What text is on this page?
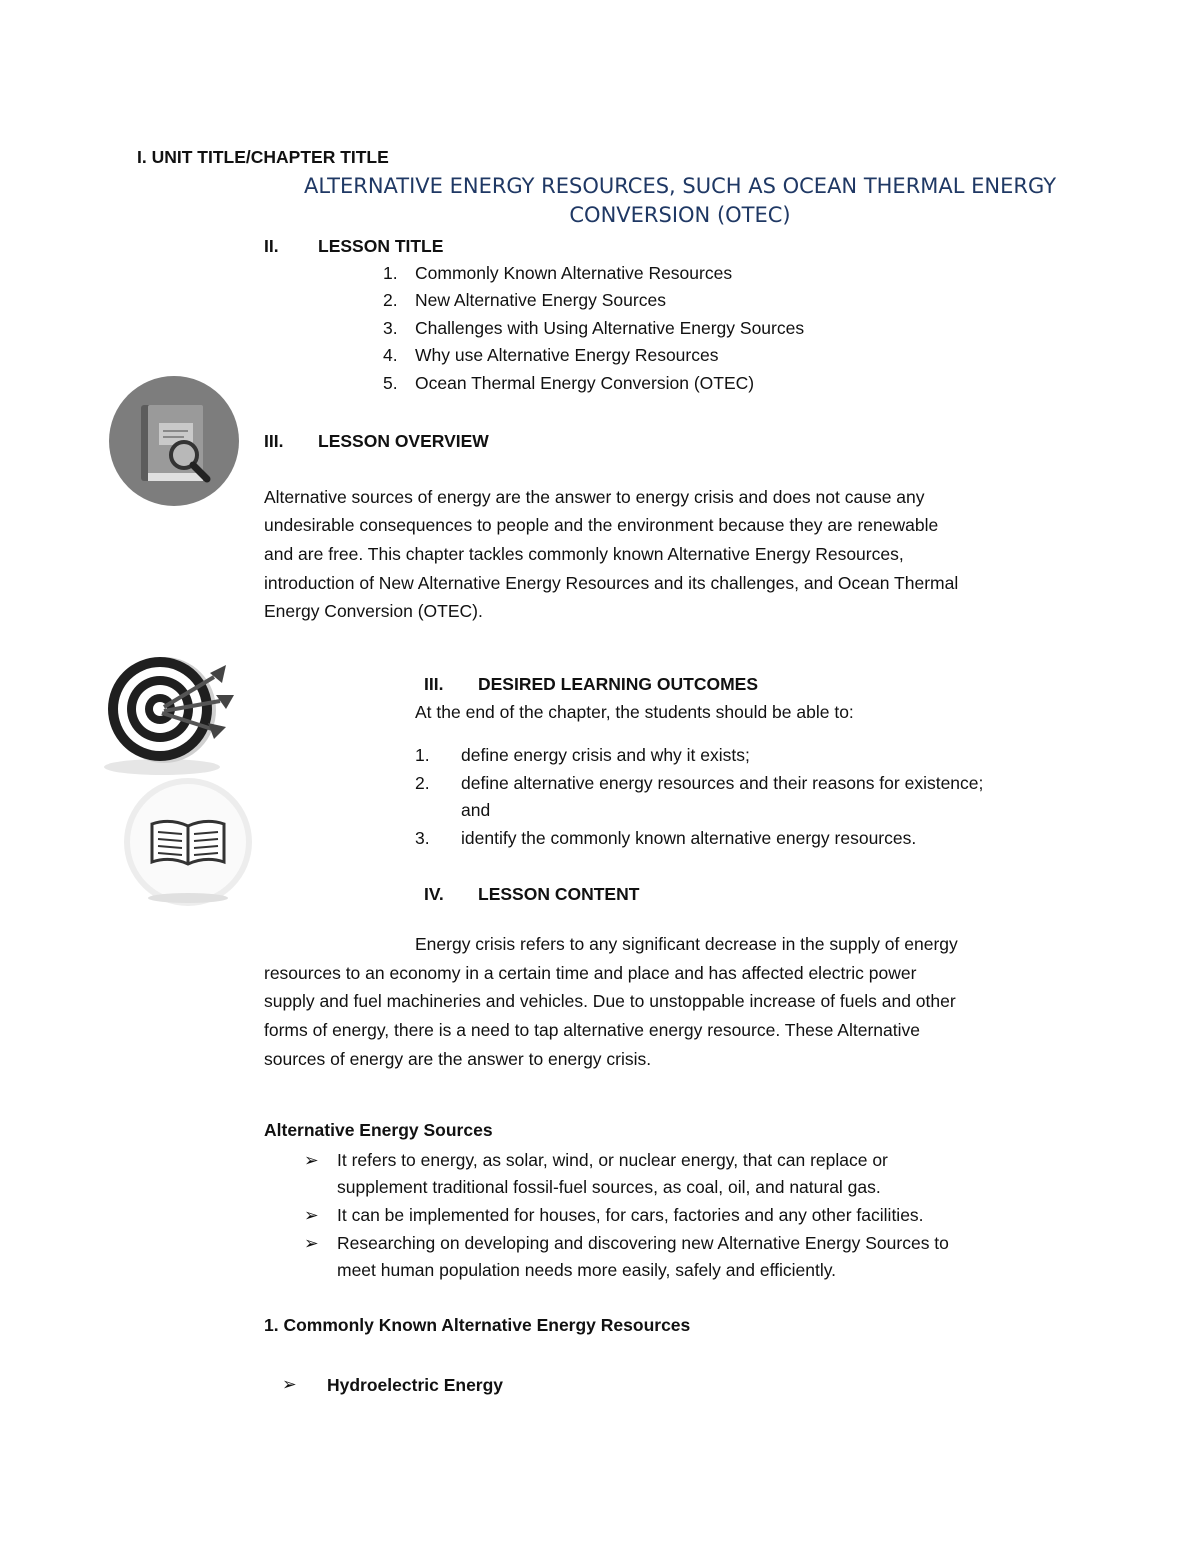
I. UNIT TITLE/CHAPTER TITLE
ALTERNATIVE ENERGY RESOURCES, SUCH AS OCEAN THERMAL ENERGY
CONVERSION (OTEC)
II. LESSON TITLE
1. Commonly Known Alternative Resources
2. New Alternative Energy Sources
3. Challenges with Using Alternative Energy Sources
4. Why use Alternative Energy Resources
5. Ocean Thermal Energy Conversion (OTEC)
III. LESSON OVERVIEW
Alternative sources of energy are the answer to energy crisis and does not cause any
undesirable consequences to people and the environment because they are renewable
and are free. This chapter tackles commonly known Alternative Energy Resources,
introduction of New Alternative Energy Resources and its challenges, and Ocean Thermal
Energy Conversion (OTEC).
III. DESIRED LEARNING OUTCOMES
At the end of the chapter, the students should be able to:
1. define energy crisis and why it exists;
2. define alternative energy resources and their reasons for existence;
and
3. identify the commonly known alternative energy resources.
IV. LESSON CONTENT
Energy crisis refers to any significant decrease in the supply of energy
resources to an economy in a certain time and place and has affected electric power
supply and fuel machineries and vehicles. Due to unstoppable increase of fuels and other
forms of energy, there is a need to tap alternative energy resource. These Alternative
sources of energy are the answer to energy crisis.
Alternative Energy Sources
➢ It refers to energy, as solar, wind, or nuclear energy, that can replace or
supplement traditional fossil-fuel sources, as coal, oil, and natural gas.
➢ It can be implemented for houses, for cars, factories and any other facilities.
➢ Researching on developing and discovering new Alternative Energy Sources to
meet human population needs more easily, safely and efficiently.
1. Commonly Known Alternative Energy Resources
➢ Hydroelectric Energy
